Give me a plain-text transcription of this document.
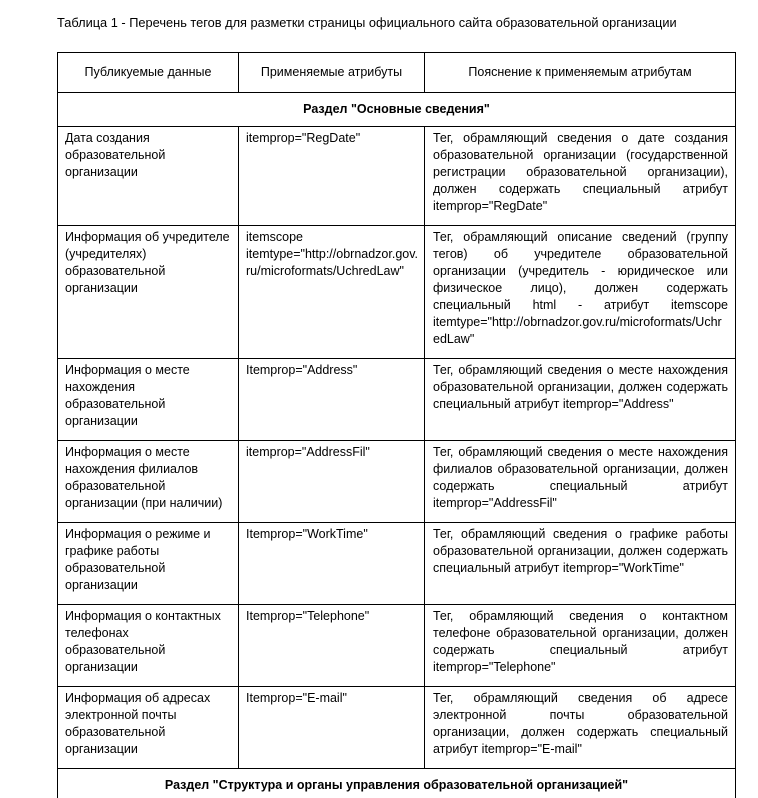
Таблица 1 - Перечень тегов для разметки страницы официального сайта образовательной организации
Публикуемые данные	Применяемые атрибуты	Пояснение к применяемым атрибутам
Раздел "Основные сведения"		
Дата создания образовательной организации	itemprop="RegDate"	Тег, обрамляющий сведения о дате создания образовательной организации (государственной регистрации образовательной организации), должен содержать специальный атрибут itemprop="RegDate"
Информация об учредителе (учредителях) образовательной организации	itemscope itemtype="http://obrnadzor.gov.ru/microformats/UchredLaw"	Тег, обрамляющий описание сведений (группу тегов) об учредителе образовательной организации (учредитель - юридическое или физическое лицо), должен содержать специальный html - атрибут itemscope itemtype="http://obrnadzor.gov.ru/microformats/UchredLaw"
Информация о месте нахождения образовательной организации	Itemprop="Address"	Тег, обрамляющий сведения о месте нахождения образовательной организации, должен содержать специальный атрибут itemprop="Address"
Информация о месте нахождения филиалов образовательной организации (при наличии)	itemprop="AddressFil"	Тег, обрамляющий сведения о месте нахождения филиалов образовательной организации, должен содержать специальный атрибут itemprop="AddressFil"
Информация о режиме и графике работы образовательной организации	Itemprop="WorkTime"	Тег, обрамляющий сведения о графике работы образовательной организации, должен содержать специальный атрибут itemprop="WorkTime"
Информация о контактных телефонах образовательной организации	Itemprop="Telephone"	Тег, обрамляющий сведения о контактном телефоне образовательной организации, должен содержать специальный атрибут itemprop="Telephone"
Информация об адресах электронной почты образовательной организации	Itemprop="E-mail"	Тег, обрамляющий сведения об адресе электронной почты образовательной организации, должен содержать специальный атрибут itemprop="E-mail"
Раздел "Структура и органы управления образовательной организацией"		
